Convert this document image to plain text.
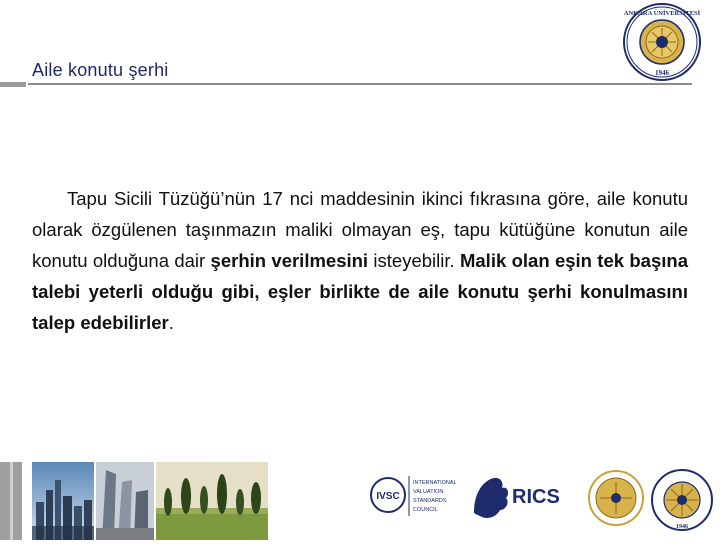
Aile konutu şerhi
ANKARA ÜNİVERSİTESİ
1946

Tapu Sicili Tüzüğü’nün 17 nci maddesinin ikinci fıkrasına göre, aile konutu olarak özgülenen taşınmazın maliki olmayan eş, tapu kütüğüne konutun aile konutu olduğuna dair şerhin verilmesini isteyebilir. Malik olan eşin tek başına talebi yeterli olduğu gibi, eşler birlikte de aile konutu şerhi konulmasını talep edebilirler.

IVSC
INTERNATIONAL
VALUATION
STANDARDS
COUNCIL
RICS
1946
